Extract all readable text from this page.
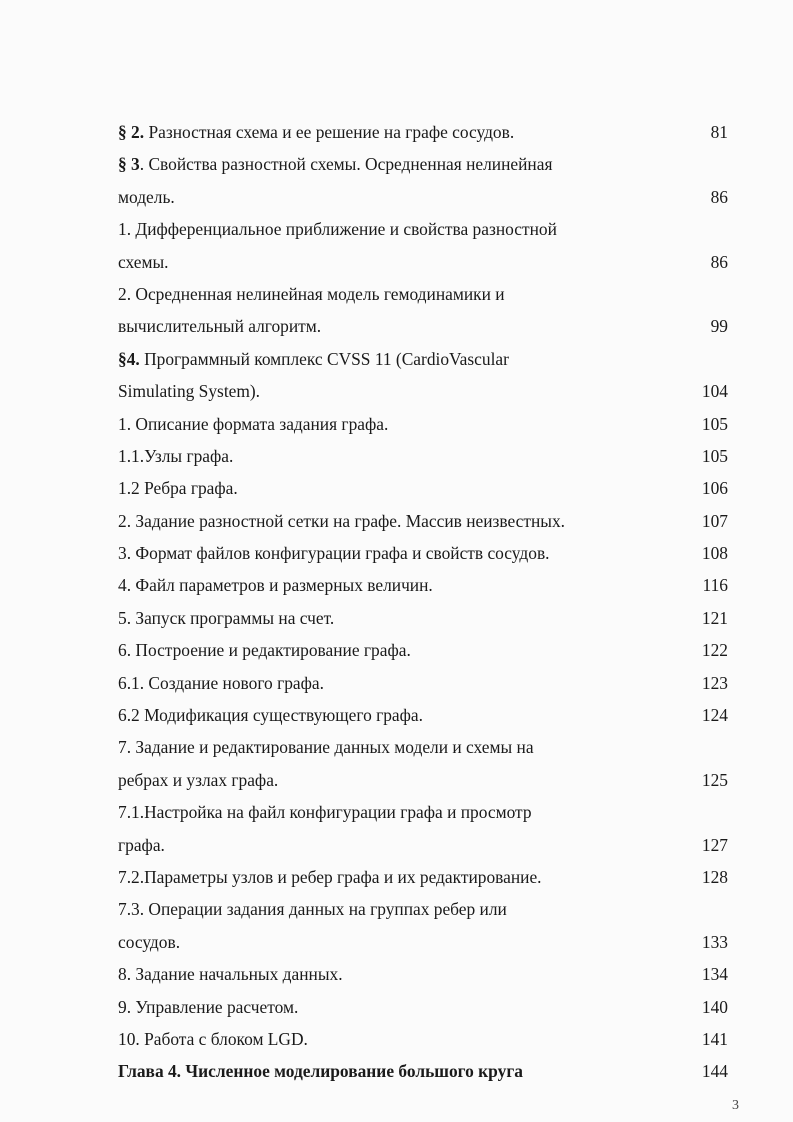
§ 2. Разностная схема и ее решение на графе сосудов.	81
§ 3. Свойства разностной схемы. Осредненная нелинейная
модель.	86
1. Дифференциальное приближение и свойства разностной
схемы.	86
2. Осредненная нелинейная модель гемодинамики и
вычислительный алгоритм.	99
§4. Программный комплекс CVSS 11 (CardioVascular
Simulating System).	104
1. Описание формата задания графа.	105
1.1.Узлы графа.	105
1.2 Ребра графа.	106
2. Задание разностной сетки на графе. Массив неизвестных.	107
3. Формат файлов конфигурации графа и свойств сосудов.	108
4. Файл параметров и размерных величин.	116
5. Запуск программы на счет.	121
6. Построение и редактирование графа.	122
6.1. Создание нового графа.	123
6.2 Модификация существующего графа.	124
7. Задание и редактирование данных модели и схемы на
ребрах и узлах графа.	125
7.1.Настройка на файл конфигурации графа и просмотр
графа.	127
7.2.Параметры узлов и ребер графа и их редактирование.	128
7.3. Операции задания данных на группах ребер или
сосудов.	133
8. Задание начальных данных.	134
9. Управление расчетом.	140
10. Работа с блоком LGD.	141
Глава 4. Численное моделирование большого круга	144
3
